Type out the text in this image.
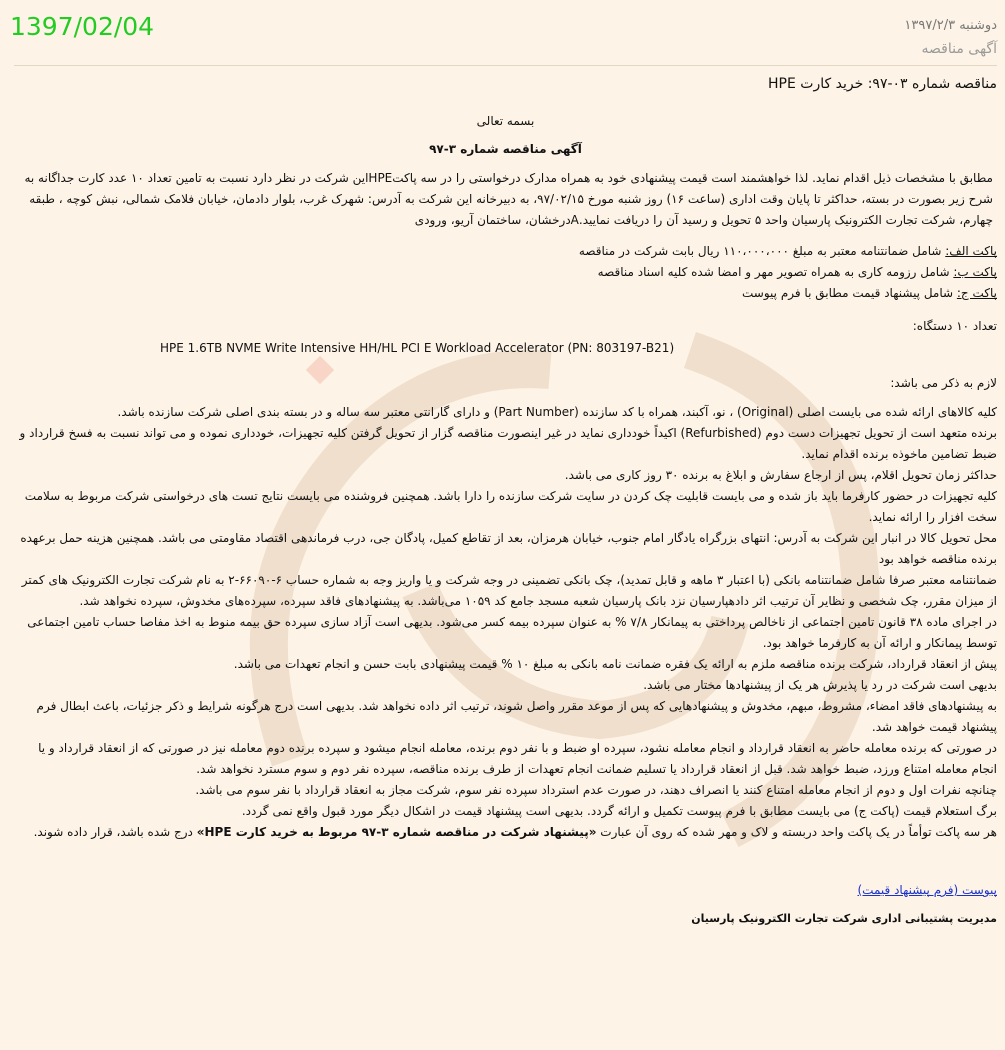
1397/02/04	دوشنبه ۱۳۹۷/۲/۳
آگهی مناقصه
مناقصه شماره ۰۳-۹۷: خرید کارت HPE
بسمه تعالی
آگهی مناقصه شماره ۳-۹۷

مطابق با مشخصات ذیل اقدام نماید. لذا خواهشمند است قیمت پیشنهادی خود به همراه مدارک درخواستی را در سه پاکتHPEاین شرکت در نظر دارد نسبت به تامین تعداد ۱۰ عدد کارت جداگانه به شرح زیر بصورت در بسته، حداکثر تا پایان وقت اداری (ساعت ۱۶) روز شنبه مورخ ۹۷/۰۲/۱۵، به دبیرخانه این شرکت به آدرس: شهرک غرب، بلوار دادمان، خیابان فلامک شمالی، نبش کوچه ، طبقه چهارم، شرکت تجارت الکترونیک پارسیان واحد ۵ تحویل و رسید آن را دریافت نمایید.Aدرخشان، ساختمان آریو، ورودی

پاکت الف: شامل ضمانتنامه معتبر به مبلغ ۱۱۰،۰۰۰،۰۰۰ ریال بابت شرکت در مناقصه
پاکت ب: شامل رزومه کاری به همراه تصویر مهر و امضا شده کلیه اسناد مناقصه
پاکت ج: شامل پیشنهاد قیمت مطابق با فرم پیوست
تعداد ۱۰ دستگاه:
HPE 1.6TB NVME Write Intensive HH/HL PCI E Workload Accelerator (PN: 803197-B21)
لازم به ذکر می باشد:

کلیه کالاهای ارائه شده می بایست اصلی (Original) ، نو، آکبند، همراه با کد سازنده (Part Number) و دارای گارانتی معتبر سه ساله و در بسته بندی اصلی شرکت سازنده باشد.

برنده متعهد است از تحویل تجهیزات دست دوم (Refurbished) اکیداً خودداری نماید در غیر اینصورت مناقصه گزار از تحویل گرفتن کلیه تجهیزات، خودداری نموده و می تواند نسبت به فسخ قرارداد و ضبط تضامین ماخوذه برنده اقدام نماید.

حداکثر زمان تحویل اقلام، پس از ارجاع سفارش و ابلاغ به برنده ۳۰ روز کاری می باشد.

کلیه تجهیزات در حضور کارفرما باید باز شده و می بایست قابلیت چک کردن در سایت شرکت سازنده را دارا باشد. همچنین فروشنده می بایست نتایج تست های درخواستی شرکت مربوط به سلامت سخت افزار را ارائه نماید.

محل تحویل کالا در انبار این شرکت به آدرس: انتهای بزرگراه یادگار امام جنوب، خیابان هرمزان، بعد از تقاطع کمیل، پادگان جی، درب فرماندهی اقتصاد مقاومتی می باشد. همچنین هزینه حمل برعهده برنده مناقصه خواهد بود

ضمانتنامه معتبر صرفا شامل ضمانتنامه بانکی (با اعتبار ۳ ماهه و قابل تمدید)، چک بانکی تضمینی در وجه شرکت و یا واریز وجه به شماره حساب ۶-۶۶۰۹۰-۲ به نام شرکت تجارت الکترونیک های کمتر از میزان مقرر، چک شخصی و نظایر آن ترتیب اثر دادهپارسیان نزد بانک پارسیان شعبه مسجد جامع کد ۱۰۵۹ می‌باشد. به پیشنهادهای فاقد سپرده، سپرده‌های مخدوش، سپرده نخواهد شد.

در اجرای ماده ۳۸ قانون تامین اجتماعی از ناخالص پرداختی به پیمانکار ۷/۸ % به عنوان سپرده بیمه کسر می‌شود. بدیهی است آزاد سازی سپرده حق بیمه منوط به اخذ مفاصا حساب تامین اجتماعی توسط پیمانکار و ارائه آن به کارفرما خواهد بود.

پیش از انعقاد قرارداد، شرکت برنده مناقصه ملزم به ارائه یک فقره ضمانت نامه بانکی به مبلغ ۱۰ % قیمت پیشنهادی بابت حسن و انجام تعهدات می باشد.

بدیهی است شرکت در رد یا پذیرش هر یک از پیشنهادها مختار می باشد.

به پیشنهادهای فاقد امضاء، مشروط، مبهم، مخدوش و پیشنهادهایی که پس از موعد مقرر واصل شوند، ترتیب اثر داده نخواهد شد. بدیهی است درج هرگونه شرایط و ذکر جزئیات، باعث ابطال فرم پیشنهاد قیمت خواهد شد.

در صورتی که برنده معامله حاضر به انعقاد قرارداد و انجام معامله نشود، سپرده او ضبط و با نفر دوم برنده، معامله انجام میشود و سپرده برنده دوم معامله نیز در صورتی که از انعقاد قرارداد و یا انجام معامله امتناع ورزد، ضبط خواهد شد. قبل از انعقاد قرارداد یا تسلیم ضمانت انجام تعهدات از طرف برنده مناقصه، سپرده نفر دوم و سوم مسترد نخواهد شد.

چنانچه نفرات اول و دوم از انجام معامله امتناع کنند یا انصراف دهند، در صورت عدم استرداد سپرده نفر سوم، شرکت مجاز به انعقاد قرارداد با نفر سوم می باشد.

برگ استعلام قیمت (پاکت ج) می بایست مطابق با فرم پیوست تکمیل و ارائه گردد. بدیهی است پیشنهاد قیمت در اشکال دیگر مورد قبول واقع نمی گردد.

هر سه پاکت توأماً در یک پاکت واحد دربسته و لاک و مهر شده که روی آن عبارت «پیشنهاد شرکت در مناقصه شماره ۳-۹۷ مربوط به خرید کارت HPE» درج شده باشد، قرار داده شوند.

پیوست (فرم پیشنهاد قیمت)
مدیریت پشتیبانی اداری شرکت تجارت الکترونیک پارسیان
